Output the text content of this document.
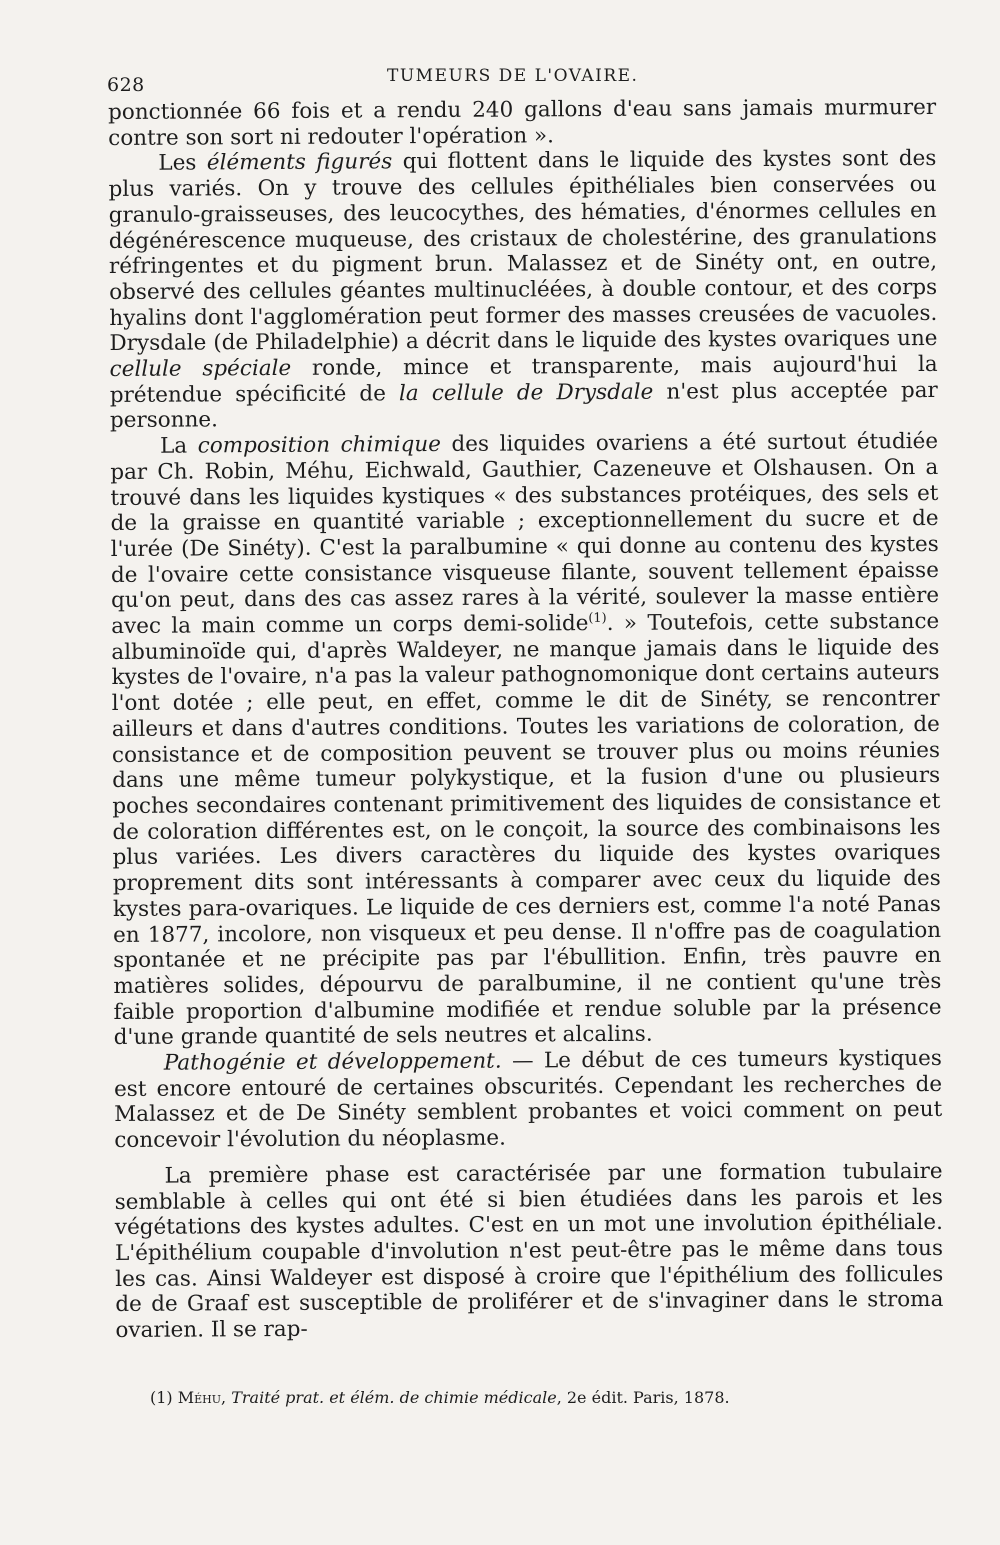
628	TUMEURS DE L'OVAIRE.

ponctionnée 66 fois et a rendu 240 gallons d'eau sans jamais murmurer contre son sort ni redouter l'opération ».

Les éléments figurés qui flottent dans le liquide des kystes sont des plus variés. On y trouve des cellules épithéliales bien conservées ou granulo-graisseuses, des leucocythes, des hématies, d'énormes cellules en dégénérescence muqueuse, des cristaux de cholestérine, des granulations réfringentes et du pigment brun. Malassez et de Sinéty ont, en outre, observé des cellules géantes multinucléées, à double contour, et des corps hyalins dont l'agglomération peut former des masses creusées de vacuoles. Drysdale (de Philadelphie) a décrit dans le liquide des kystes ovariques une cellule spéciale ronde, mince et transparente, mais aujourd'hui la prétendue spécificité de la cellule de Drysdale n'est plus acceptée par personne.

La composition chimique des liquides ovariens a été surtout étudiée par Ch. Robin, Méhu, Eichwald, Gauthier, Cazeneuve et Olshausen. On a trouvé dans les liquides kystiques « des substances protéiques, des sels et de la graisse en quantité variable ; exceptionnellement du sucre et de l'urée (De Sinéty). C'est la paralbumine « qui donne au contenu des kystes de l'ovaire cette consistance visqueuse filante, souvent tellement épaisse qu'on peut, dans des cas assez rares à la vérité, soulever la masse entière avec la main comme un corps demi-solide$^{(1)}$. » Toutefois, cette substance albuminoïde qui, d'après Waldeyer, ne manque jamais dans le liquide des kystes de l'ovaire, n'a pas la valeur pathognomonique dont certains auteurs l'ont dotée ; elle peut, en effet, comme le dit de Sinéty, se rencontrer ailleurs et dans d'autres conditions. Toutes les variations de coloration, de consistance et de composition peuvent se trouver plus ou moins réunies dans une même tumeur polykystique, et la fusion d'une ou plusieurs poches secondaires contenant primitivement des liquides de consistance et de coloration différentes est, on le conçoit, la source des combinaisons les plus variées. Les divers caractères du liquide des kystes ovariques proprement dits sont intéressants à comparer avec ceux du liquide des kystes para-ovariques. Le liquide de ces derniers est, comme l'a noté Panas en 1877, incolore, non visqueux et peu dense. Il n'offre pas de coagulation spontanée et ne précipite pas par l'ébullition. Enfin, très pauvre en matières solides, dépourvu de paralbumine, il ne contient qu'une très faible proportion d'albumine modifiée et rendue soluble par la présence d'une grande quantité de sels neutres et alcalins.

Pathogénie et développement. — Le début de ces tumeurs kystiques est encore entouré de certaines obscurités. Cependant les recherches de Malassez et de De Sinéty semblent probantes et voici comment on peut concevoir l'évolution du néoplasme.

La première phase est caractérisée par une formation tubulaire semblable à celles qui ont été si bien étudiées dans les parois et les végétations des kystes adultes. C'est en un mot une involution épithéliale. L'épithélium coupable d'involution n'est peut-être pas le même dans tous les cas. Ainsi Waldeyer est disposé à croire que l'épithélium des follicules de de Graaf est susceptible de proliférer et de s'invaginer dans le stroma ovarien. Il se rap-

(1) Méhu, Traité prat. et élém. de chimie médicale, 2e édit. Paris, 1878.
